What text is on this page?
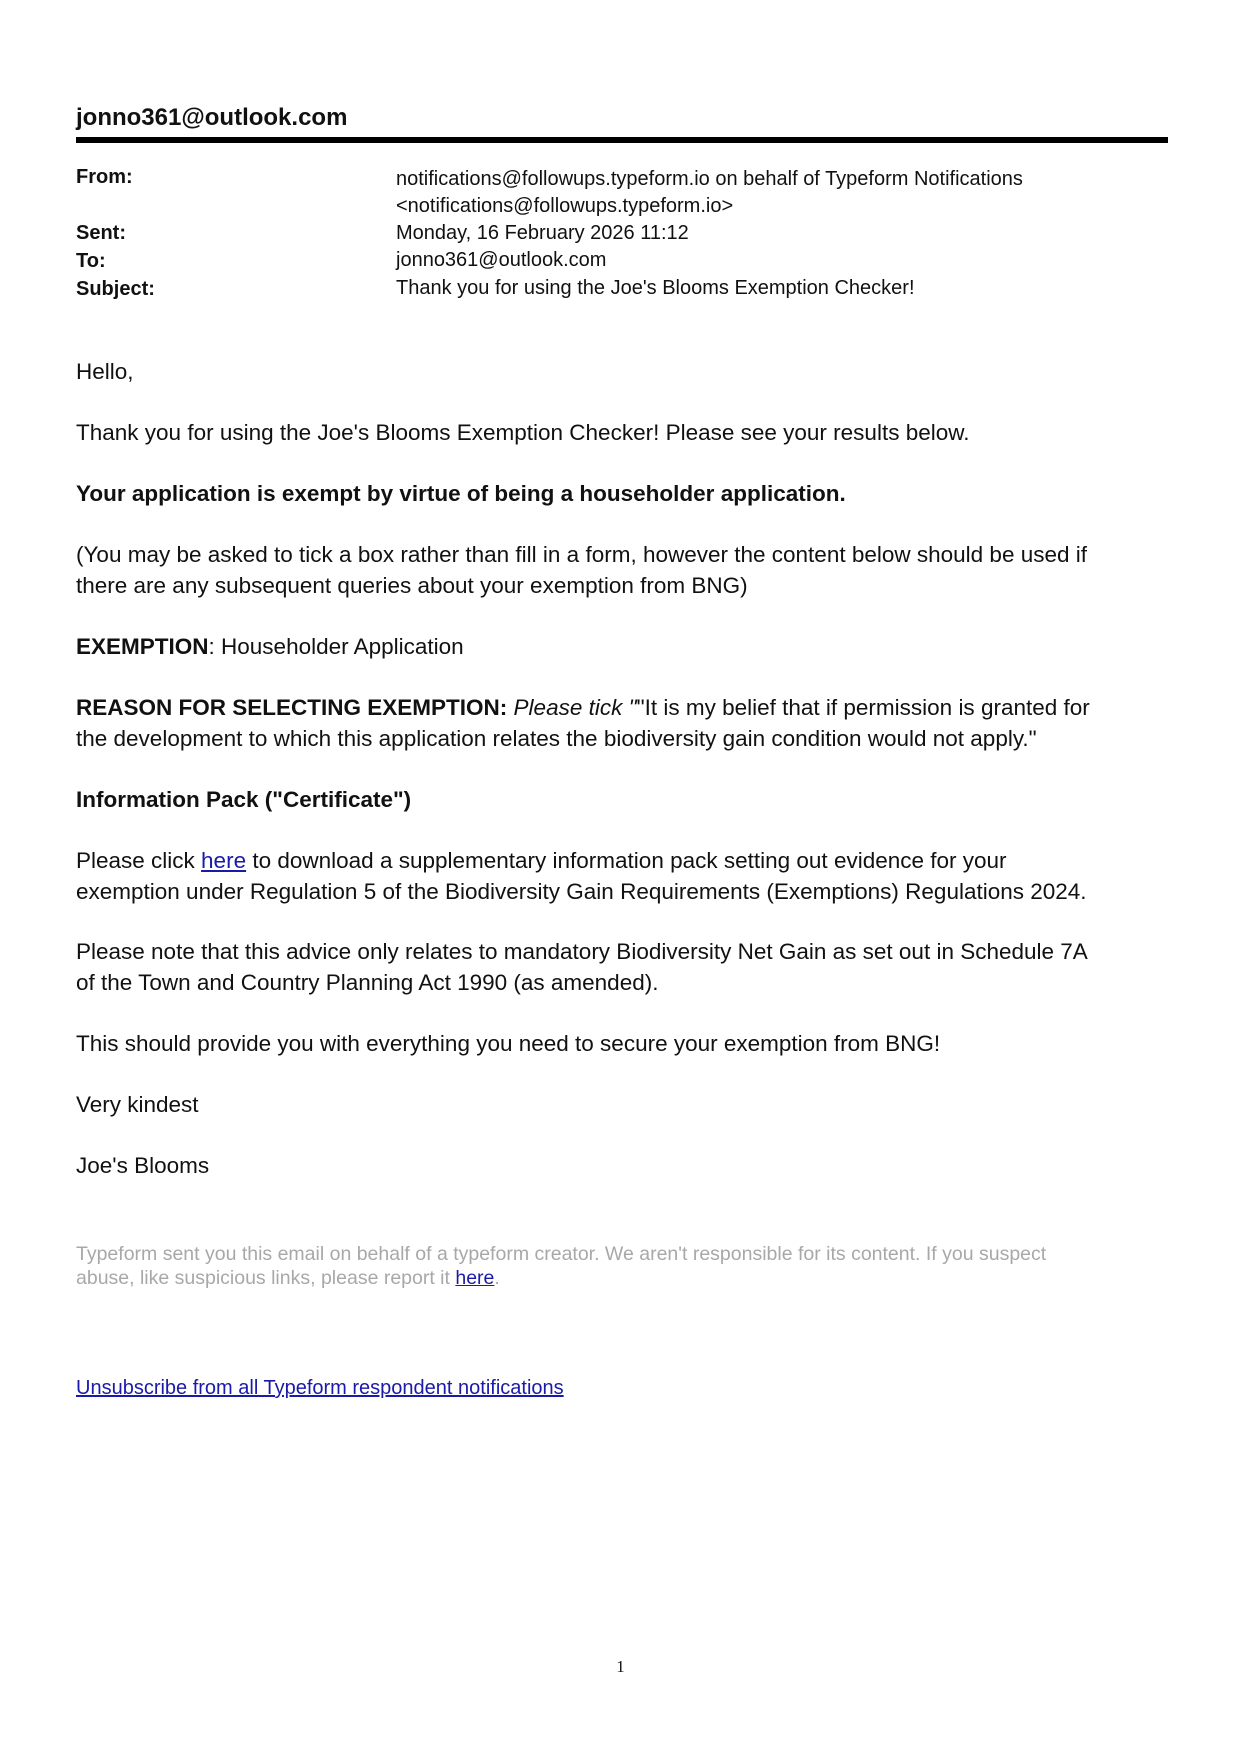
jonno361@outlook.com
From:	notifications@followups.typeform.io on behalf of Typeform Notifications
<notifications@followups.typeform.io>
Sent:	Monday, 16 February 2026 11:12
To:	jonno361@outlook.com
Subject:	Thank you for using the Joe's Blooms Exemption Checker!
Hello,
Thank you for using the Joe's Blooms Exemption Checker! Please see your results below.
Your application is exempt by virtue of being a householder application.
(You may be asked to tick a box rather than fill in a form, however the content below should be used if
there are any subsequent queries about your exemption from BNG)
EXEMPTION: Householder Application
REASON FOR SELECTING EXEMPTION: Please tick ""It is my belief that if permission is granted for
the development to which this application relates the biodiversity gain condition would not apply."
Information Pack ("Certificate")
Please click here to download a supplementary information pack setting out evidence for your
exemption under Regulation 5 of the Biodiversity Gain Requirements (Exemptions) Regulations 2024.
Please note that this advice only relates to mandatory Biodiversity Net Gain as set out in Schedule 7A
of the Town and Country Planning Act 1990 (as amended).
This should provide you with everything you need to secure your exemption from BNG!
Very kindest
Joe's Blooms
Typeform sent you this email on behalf of a typeform creator. We aren't responsible for its content. If you suspect
abuse, like suspicious links, please report it here.
Unsubscribe from all Typeform respondent notifications
1
